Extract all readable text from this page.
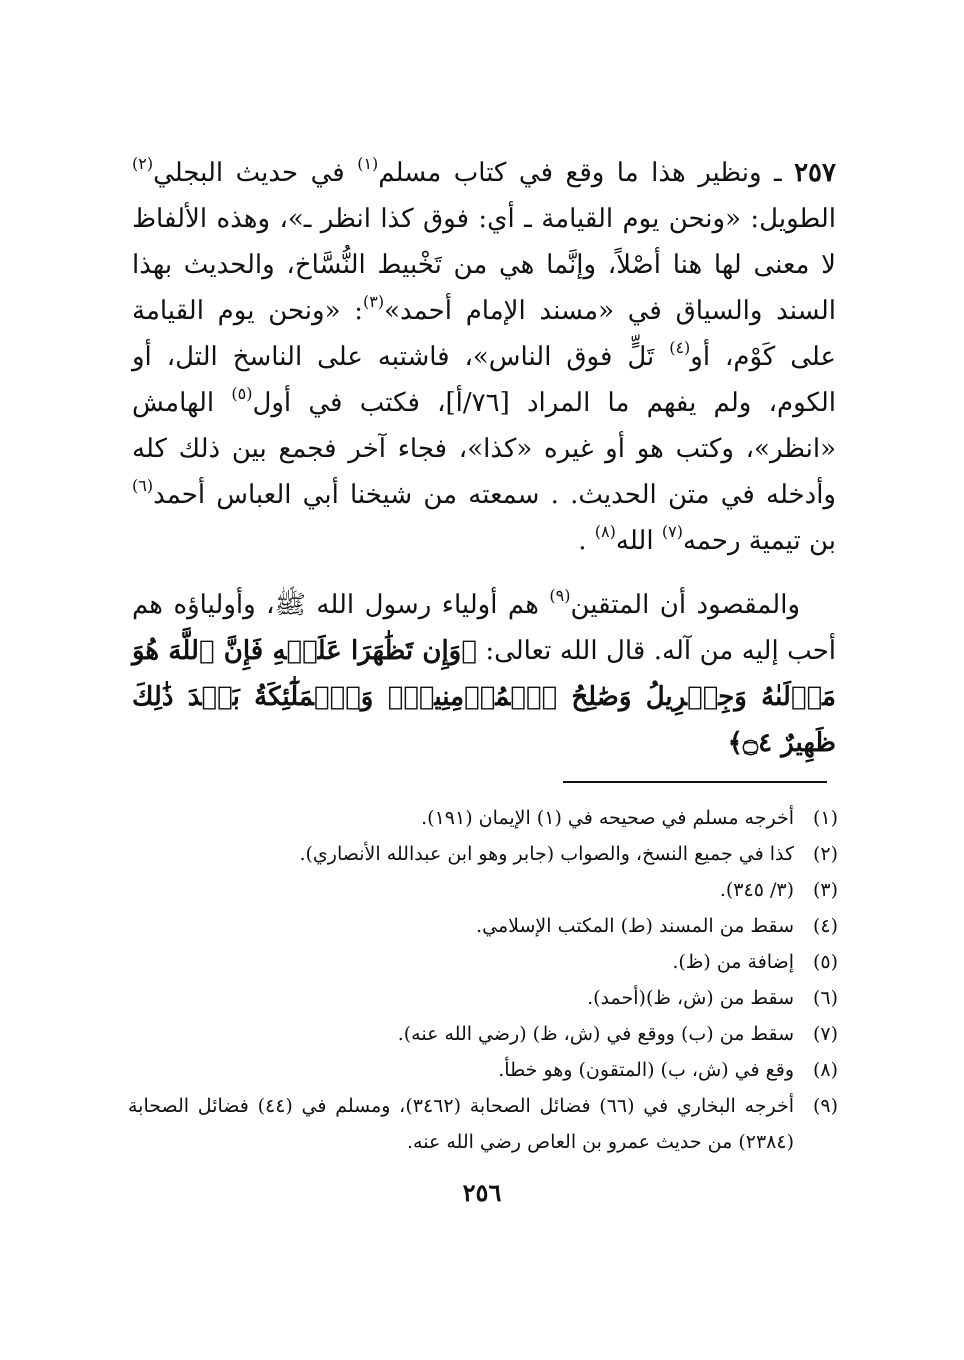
٢٥٧ ـ ونظير هذا ما وقع في كتاب مسلم$^{(١)}$ في حديث البجلي$^{(٢)}$ الطويل: «ونحن يوم القيامة ـ أي: فوق كذا انظر ـ»، وهذه الألفاظ لا معنى لها هنا أصْلاً، وإنَّما هي من تَخْبيط النُّسَّاخ، والحديث بهذا السند والسياق في «مسند الإمام أحمد»$^{(٣)}$: «ونحن يوم القيامة على كَوْم، أو$^{(٤)}$ تَلٍّ فوق الناس»، فاشتبه على الناسخ التل، أو الكوم، ولم يفهم ما المراد [٧٦/أ]، فكتب في أول$^{(٥)}$ الهامش «انظر»، وكتب هو أو غيره «كذا»، فجاء آخر فجمع بين ذلك كله وأدخله في متن الحديث. . سمعته من شيخنا أبي العباس أحمد$^{(٦)}$ بن تيمية رحمه$^{(٧)}$ الله$^{(٨)}$ .

والمقصود أن المتقين$^{(٩)}$ هم أولياء رسول الله ﷺ، وأولياؤه هم أحب إليه من آله. قال الله تعالى: ﴿وَإِن تَظَٰهَرَا عَلَيۡهِ فَإِنَّ ٱللَّهَ هُوَ مَوۡلَىٰهُ وَجِبۡرِيلُ وَصَٰلِحُ ٱلۡمُؤۡمِنِينَۖ وَٱلۡمَلَٰٓئِكَةُ بَعۡدَ ذَٰلِكَ ظَهِيرٌ ۝٤﴾

(١)
أخرجه مسلم في صحيحه في (١) الإيمان (١٩١).
(٢)
كذا في جميع النسخ، والصواب (جابر وهو ابن عبدالله الأنصاري).
(٣)
(٣/ ٣٤٥).
(٤)
سقط من المسند (ط) المكتب الإسلامي.
(٥)
إضافة من (ظ).
(٦)
سقط من (ش، ظ)(أحمد).
(٧)
سقط من (ب) ووقع في (ش، ظ) (رضي الله عنه).
(٨)
وقع في (ش، ب) (المتقون) وهو خطأ.
(٩)
أخرجه البخاري في (٦٦) فضائل الصحابة (٣٤٦٢)، ومسلم في (٤٤) فضائل الصحابة (٢٣٨٤) من حديث عمرو بن العاص رضي الله عنه.
٢٥٦
